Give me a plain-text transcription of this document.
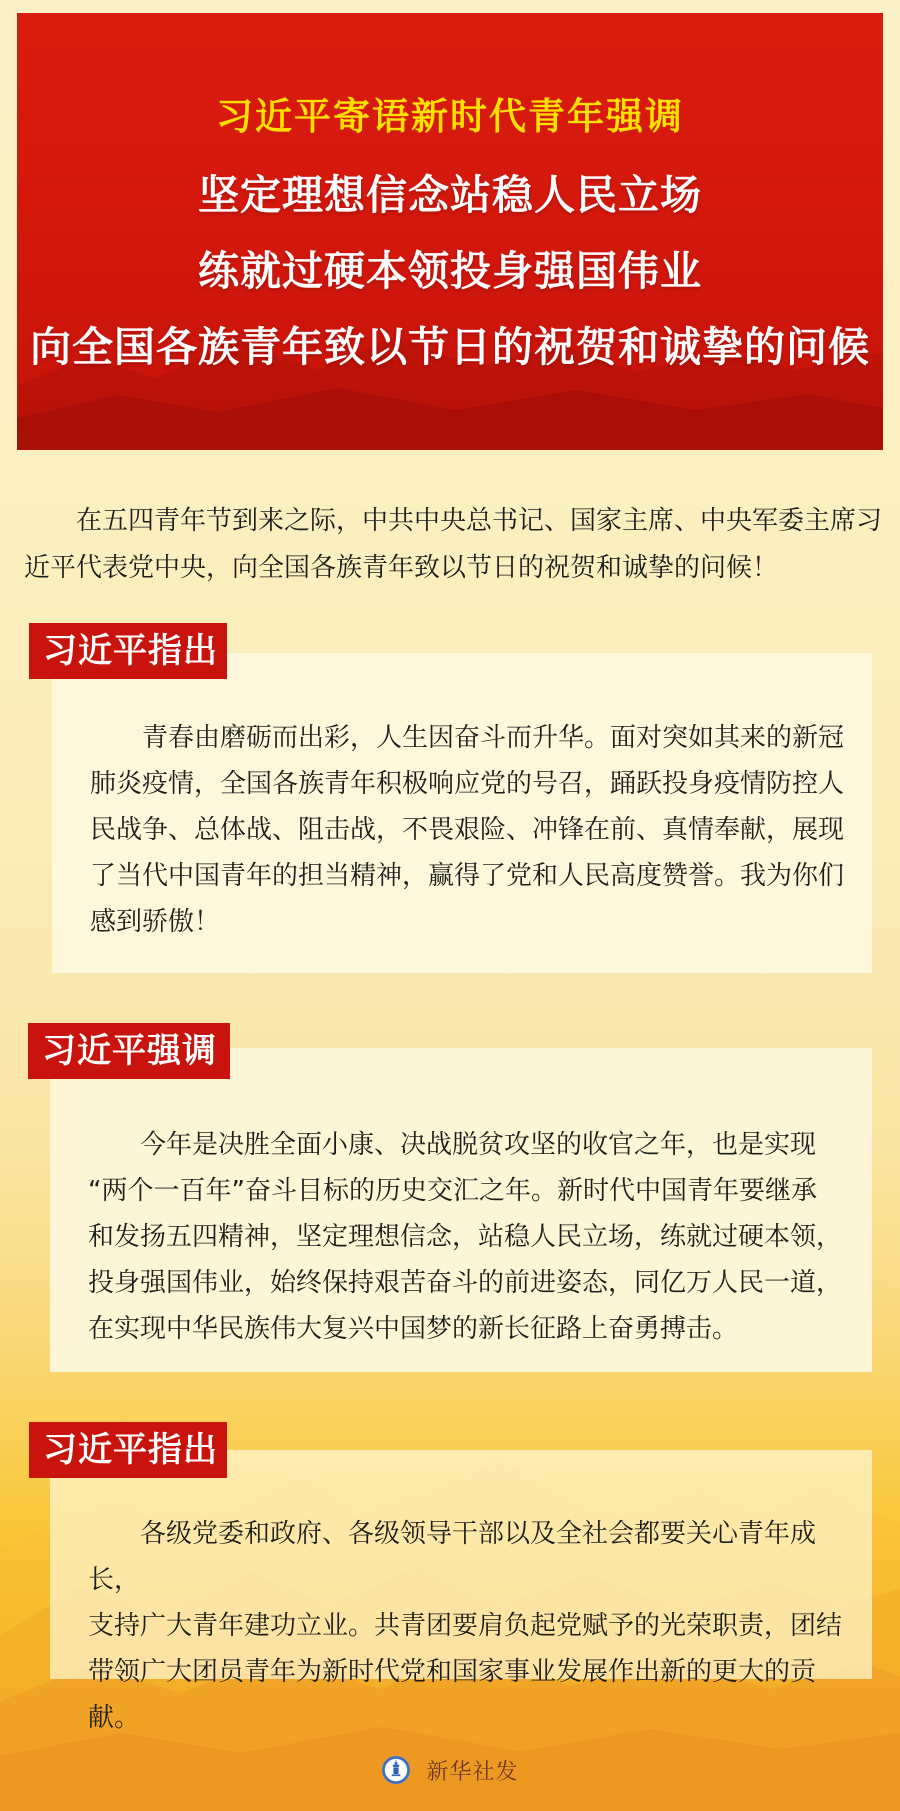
习近平寄语新时代青年强调
坚定理想信念站稳人民立场
练就过硬本领投身强国伟业
向全国各族青年致以节日的祝贺和诚挚的问候
在五四青年节到来之际，中共中央总书记、国家主席、中央军委主席习
近平代表党中央，向全国各族青年致以节日的祝贺和诚挚的问候！
习近平指出
青春由磨砺而出彩，人生因奋斗而升华。面对突如其来的新冠
肺炎疫情，全国各族青年积极响应党的号召，踊跃投身疫情防控人
民战争、总体战、阻击战，不畏艰险、冲锋在前、真情奉献，展现
了当代中国青年的担当精神，赢得了党和人民高度赞誉。我为你们
感到骄傲！
习近平强调
今年是决胜全面小康、决战脱贫攻坚的收官之年，也是实现
“两个一百年”奋斗目标的历史交汇之年。新时代中国青年要继承
和发扬五四精神，坚定理想信念，站稳人民立场，练就过硬本领，
投身强国伟业，始终保持艰苦奋斗的前进姿态，同亿万人民一道，
在实现中华民族伟大复兴中国梦的新长征路上奋勇搏击。
习近平指出
各级党委和政府、各级领导干部以及全社会都要关心青年成长，
支持广大青年建功立业。共青团要肩负起党赋予的光荣职责，团结
带领广大团员青年为新时代党和国家事业发展作出新的更大的贡献。
新华社发
